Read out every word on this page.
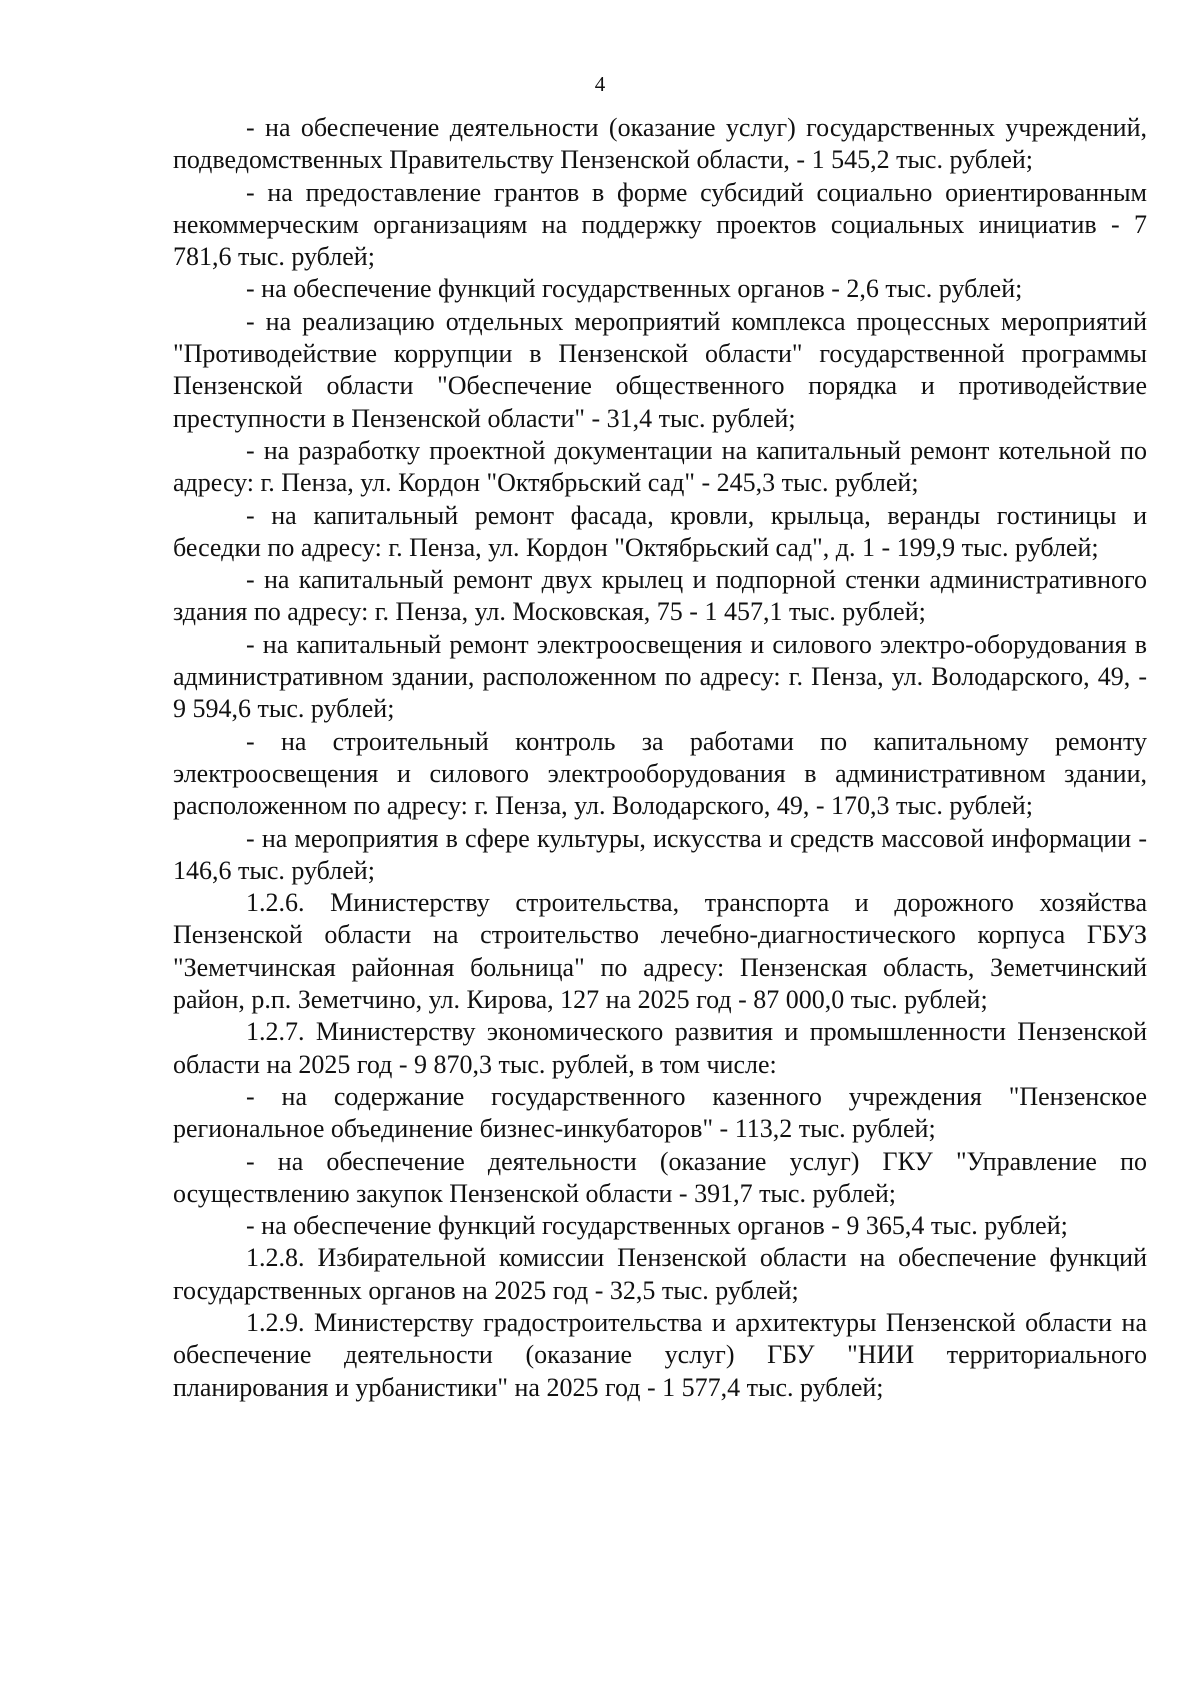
4

- на обеспечение деятельности (оказание услуг) государственных учреждений, подведомственных Правительству Пензенской области, - 1 545,2 тыс. рублей;

- на предоставление грантов в форме субсидий социально ориентированным некоммерческим организациям на поддержку проектов социальных инициатив - 7 781,6 тыс. рублей;

- на обеспечение функций государственных органов - 2,6 тыс. рублей;

- на реализацию отдельных мероприятий комплекса процессных мероприятий "Противодействие коррупции в Пензенской области" государственной программы Пензенской области "Обеспечение общественного порядка и противодействие преступности в Пензенской области" - 31,4 тыс. рублей;

- на разработку проектной документации на капитальный ремонт котельной по адресу: г. Пенза, ул. Кордон "Октябрьский сад" - 245,3 тыс. рублей;

- на капитальный ремонт фасада, кровли, крыльца, веранды гостиницы и беседки по адресу: г. Пенза, ул. Кордон "Октябрьский сад", д. 1 - 199,9 тыс. рублей;

- на капитальный ремонт двух крылец и подпорной стенки административного здания по адресу: г. Пенза, ул. Московская, 75 - 1 457,1 тыс. рублей;

- на капитальный ремонт электроосвещения и силового электро-оборудования в административном здании, расположенном по адресу: г. Пенза, ул. Володарского, 49, - 9 594,6 тыс. рублей;

- на строительный контроль за работами по капитальному ремонту электроосвещения и силового электрооборудования в административном здании, расположенном по адресу: г. Пенза, ул. Володарского, 49, - 170,3 тыс. рублей;

- на мероприятия в сфере культуры, искусства и средств массовой информации - 146,6 тыс. рублей;

1.2.6. Министерству строительства, транспорта и дорожного хозяйства Пензенской области на строительство лечебно-диагностического корпуса ГБУЗ "Земетчинская районная больница" по адресу: Пензенская область, Земетчинский район, р.п. Земетчино, ул. Кирова, 127 на 2025 год - 87 000,0 тыс. рублей;

1.2.7. Министерству экономического развития и промышленности Пензенской области на 2025 год - 9 870,3 тыс. рублей, в том числе:

- на содержание государственного казенного учреждения "Пензенское региональное объединение бизнес-инкубаторов" - 113,2 тыс. рублей;

- на обеспечение деятельности (оказание услуг) ГКУ "Управление по осуществлению закупок Пензенской области - 391,7 тыс. рублей;

- на обеспечение функций государственных органов - 9 365,4 тыс. рублей;

1.2.8. Избирательной комиссии Пензенской области на обеспечение функций государственных органов на 2025 год - 32,5 тыс. рублей;

1.2.9. Министерству градостроительства и архитектуры Пензенской области на обеспечение деятельности (оказание услуг) ГБУ "НИИ территориального планирования и урбанистики" на 2025 год - 1 577,4 тыс. рублей;
